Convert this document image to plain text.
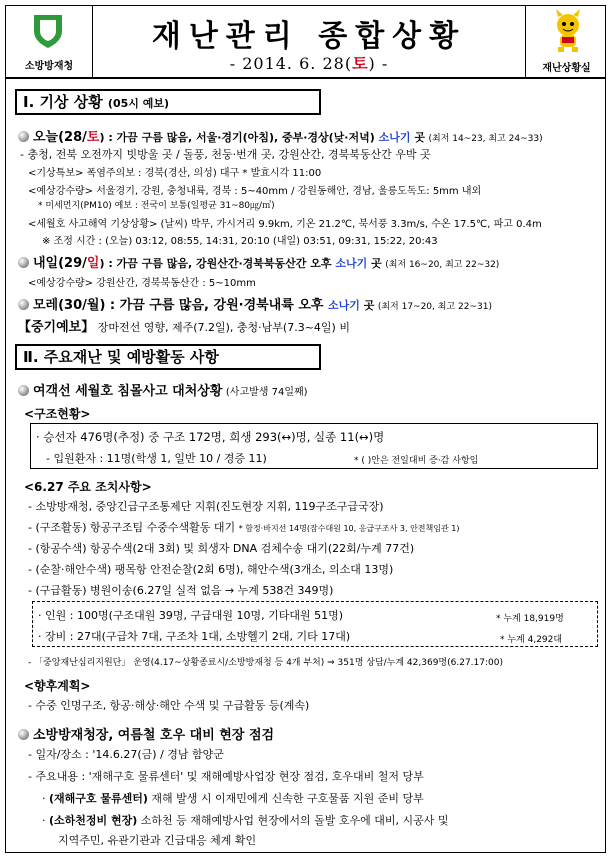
소방방재청
재난관리 종합상황
- 2014. 6. 28(토) -	재난상황실
Ⅰ. 기상 상황 (05시 예보)
오늘(28/토) : 가끔 구름 많음, 서울·경기(아침), 중부·경상(낮·저녁) 소나기 곳 (최저 14~23, 최고 24~33)
- 충청, 전북 오전까지 빗방울 곳 / 돌풍, 천둥·번개 곳, 강원산간, 경북북동산간 우박 곳
<기상특보> 폭염주의보 : 경북(경산, 의성) 대구 * 발효시각 11:00
<예상강수량> 서울경기, 강원, 충청내륙, 경북 : 5~40mm / 강원동해안, 경남, 울릉도독도: 5mm 내외
* 미세먼지(PM10) 예보 : 전국이 보통(일평균 31~80㎍/㎥)
<세월호 사고해역 기상상황> (날씨) 박무, 가시거리 9.9km, 기온 21.2℃, 북서풍 3.3m/s, 수온 17.5℃, 파고 0.4m
※ 조정 시간 : (오늘) 03:12, 08:55, 14:31, 20:10 (내일) 03:51, 09:31, 15:22, 20:43
내일(29/일) : 가끔 구름 많음, 강원산간·경북북동산간 오후 소나기 곳 (최저 16~20, 최고 22~32)
<예상강수량> 강원산간, 경북북동산간 : 5~10mm
모레(30/월) : 가끔 구름 많음, 강원·경북내륙 오후 소나기 곳 (최저 17~20, 최고 22~31)
【중기예보】 장마전선 영향, 제주(7.2일), 충청·남부(7.3~4일) 비
Ⅱ. 주요재난 및 예방활동 사항
여객선 세월호 침몰사고 대처상황 (사고발생 74일째)
<구조현황>
· 승선자 476명(추정) 중 구조 172명, 희생 293(↔)명, 실종 11(↔)명
- 입원환자 : 11명(학생 1, 일반 10 / 경증 11)	* ( )안은 전일대비 증·감 사항임
<6.27 주요 조치사항>
- 소방방재청, 중앙긴급구조통제단 지휘(진도현장 지휘, 119구조구급국장)
- (구조활동) 항공구조팀 수중수색활동 대기 * 함정·바지선 14명(잠수대원 10, 응급구조사 3, 안전책임관 1)
- (항공수색) 항공수색(2대 3회) 및 희생자 DNA 검체수송 대기(22회/누계 77건)
- (순찰·해안수색) 팽목항 안전순찰(2회 6명), 해안수색(3개소, 의소대 13명)
- (구급활동) 병원이송(6.27일 실적 없음 → 누계 538건 349명)
· 인원 : 100명(구조대원 39명, 구급대원 10명, 기타대원 51명)	* 누계 18,919명
· 장비 : 27대(구급차 7대, 구조차 1대, 소방헬기 2대, 기타 17대)	* 누계 4,292대
- 「중앙재난심리지원단」 운영(4.17~상황종료시/소방방재청 등 4개 부처) ⇒ 351명 상담/누계 42,369명(6.27.17:00)
<향후계획>
- 수중 인명구조, 항공·해상·해안 수색 및 구급활동 등(계속)
소방방재청장, 여름철 호우 대비 현장 점검
- 일자/장소 : '14.6.27(금) / 경남 함양군
- 주요내용 : '재해구호 물류센터' 및 재해예방사업장 현장 점검, 호우대비 철저 당부
· (재해구호 물류센터) 재해 발생 시 이재민에게 신속한 구호물품 지원 준비 당부
· (소하천정비 현장) 소하천 등 재해예방사업 현장에서의 돌발 호우에 대비, 시공사 및
지역주민, 유관기관과 긴급대응 체계 확인
